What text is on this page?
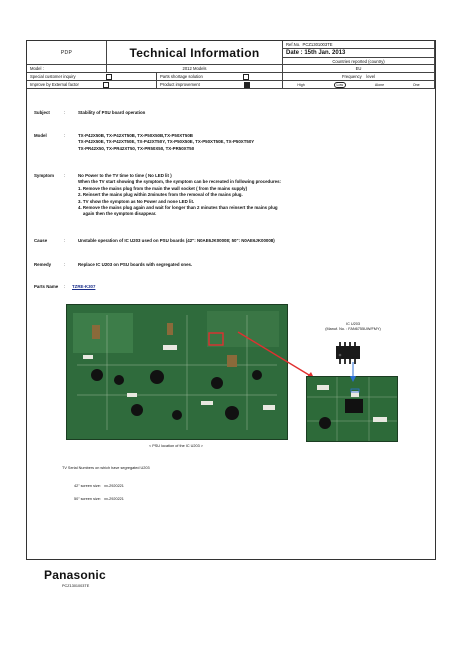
PDP	Technical Information
Ref.No.
PCZ1301003TE
Date : 15th Jan. 2013
Countries reported (country)
Model :	2012 Models	EU
Special customer inquiry	Parts shortage solution	Frequency
level
Improve by External factor	Product improvement	High	Low	Alone	One
Subject	:	Stability of PSU board operation
Model	:	TX-P42X50B, TX-P42XT50B, TX-P50X50B,TX-P50XT50B
TX-P42X50E, TX-P42XT50E, TX-P42XT50Y, TX-P50X50E, TX-P50XT50E, TX-P50XT50Y
TX-PR42X50, TX-PR42XT50, TX-PR50X50, TX-PR50XT50
Symptom	:	No Power to the TV time to time ( No LED lit )
When the TV start showing the symptom, the symptom can be recreated in following procedures:
1. Remove the mains plug from the main the wall socket ( from the mains supply)
2. Reinsert the mains plug within 2minutes from the removal of the mains plug.
3. TV show the symptom as No Power and none LED lit.
4. Remove the mains plug again and wait for longer than 2 minutes than reinsert the mains plug
again then the symptom disappear.
Cause	:	Unstable operation of IC U203 used on PSU boards (42": N0AE6JK00008; 50": N0AE6JK00008)
Remedy	:	Replace IC U203 on PSU boards with segregated ones.
Parts Name	: TZRE-K307
IC U203
(Manuf. No. : FAN6755UW/FMY)
< PSU location of the IC U203 >
TV Serial Numbers on which have segregated U203
42" screen size: xx-2920221
50" screen size: xx-2920221
Panasonic
PCZ1301003TE
